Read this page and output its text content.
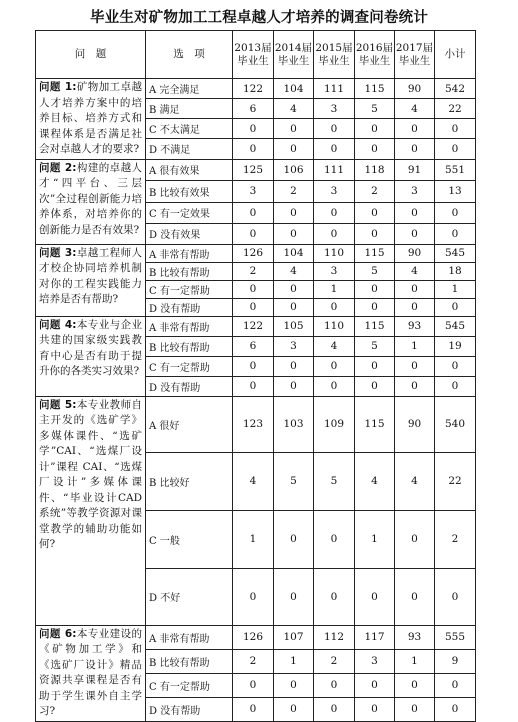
毕业生对矿物加工工程卓越人才培养的调查问卷统计
问　题	选　项	2013届毕业生	2014届毕业生	2015届毕业生	2016届毕业生	2017届毕业生	小计
问题 1:矿物加工卓越人才培养方案中的培养目标、培养方式和课程体系是否满足社会对卓越人才的要求?	A 完全满足	122	104	111	115	90	542
	B 满足	6	4	3	5	4	22
	C 不太满足	0	0	0	0	0	0
	D 不满足	0	0	0	0	0	0
问题 2:构建的卓越人才“四平台、三层次”全过程创新能力培养体系，对培养你的创新能力是否有效果?	A 很有效果	125	106	111	118	91	551
	B 比较有效果	3	2	3	2	3	13
	C 有一定效果	0	0	0	0	0	0
	D 没有效果	0	0	0	0	0	0
问题 3:卓越工程师人才校企协同培养机制对你的工程实践能力培养是否有帮助?	A 非常有帮助	126	104	110	115	90	545
	B 比较有帮助	2	4	3	5	4	18
	C 有一定帮助	0	0	1	0	0	1
	D 没有帮助	0	0	0	0	0	0
问题 4:本专业与企业共建的国家级实践教育中心是否有助于提升你的各类实习效果?	A 非常有帮助	122	105	110	115	93	545
	B 比较有帮助	6	3	4	5	1	19
	C 有一定帮助	0	0	0	0	0	0
	D 没有帮助	0	0	0	0	0	0
问题 5:本专业教师自主开发的《选矿学》多媒体课件、“选矿学”CAI、“选煤厂设计”课程 CAI、“选煤厂设计”多媒体课件、“毕业设计CAD 系统”等教学资源对课堂教学的辅助功能如何?	A 很好	123	103	109	115	90	540
	B 比较好	4	5	5	4	4	22
	C 一般	1	0	0	1	0	2
	D 不好	0	0	0	0	0	0
问题 6:本专业建设的《矿物加工学》和《选矿厂设计》精品资源共享课程是否有助于学生课外自主学习?	A 非常有帮助	126	107	112	117	93	555
	B 比较有帮助	2	1	2	3	1	9
	C 有一定帮助	0	0	0	0	0	0
	D 没有帮助	0	0	0	0	0	0
